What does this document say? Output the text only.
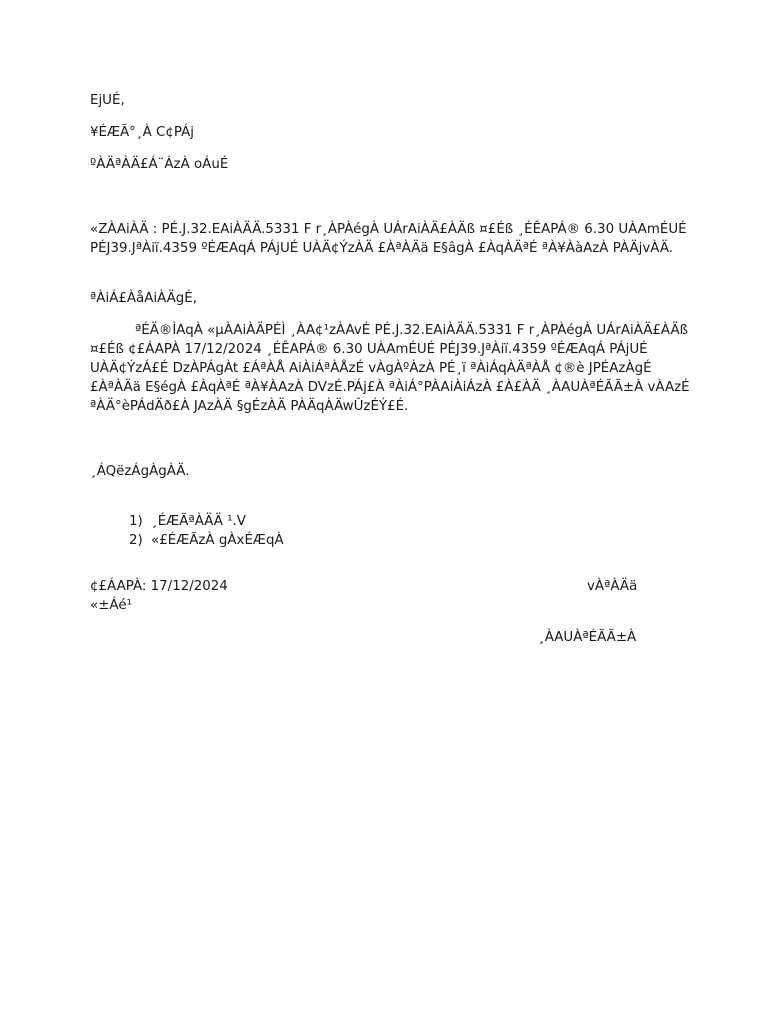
EjUÉ,
¥ÉÆÃ°¸À C¢PÁj
ºÀÄªÀÄ£Á¨ÁzÀ oÁuÉ
«ZÀAiÀÄ : PÉ.J.32.EAiÀÄÄ.5331 F r¸ÀPÀégÀ UÁrAiÀÄ£ÀÄß ¤£Éß ¸ÉÊAPÁ® 6.30 UÀAmÉUÉ PÉJ39.JªÀiï.4359 ºÉÆAqÁ PÁjUÉ UÀÄ¢ÝzÀÄ £ÀªÀÄä E§âgÀ £ÀqÀÄªÉ ªÀ¥ÀàAzÀ PÀÄjvÀÄ.
ªÀiÁ£ÀåAiÀÄgÉ,
ªÉÄ®ÌAqÀ «µÀAiÀÄPÉÌ ¸ÀA¢¹zÀAvÉ PÉ.J.32.EAiÀÄÄ.5331 F r¸ÀPÀégÀ UÁrAiÀÄ£ÀÄß ¤£Éß ¢£ÁAPÀ 17/12/2024 ¸ÉÊAPÁ® 6.30 UÀAmÉUÉ PÉJ39.JªÀiï.4359 ºÉÆAqÁ PÁjUÉ UÀÄ¢ÝzÁ£É DzÀPÁgÀt £ÁªÀÅ AiÀiÁªÀÅzÉ vÀgÀºÀzÀ PÉ¸ï ªÀiÁqÀÄªÀÅ ¢®è JPÉAzÀgÉ £ÀªÀÄä E§égÀ £ÀqÀªÉ ªÀ¥ÀAzÀ DVzÉ.PÁj£À ªÀiÁ°PÀAiÀiÁzÀ £À£ÀÄ ¸ÀAUÀªÉÃÃ±À vÀAzÉ ªÀÄ°èPÁdÄð£À JAzÀÄ §gÉzÀÄ PÀÄqÀÄwÛzÉÝ£É.
¸ÁQëzÁgÀgÀÄ.

1) ¸ÉÆÃªÀÄÄ ¹.V

2) «£ÉÆÃzÀ gÀxÉÆqÀ

¢£ÁAPÀ: 17/12/2024	vÀªÀÄä
«±Áé¹
¸ÀAUÀªÉÃÃ±À
